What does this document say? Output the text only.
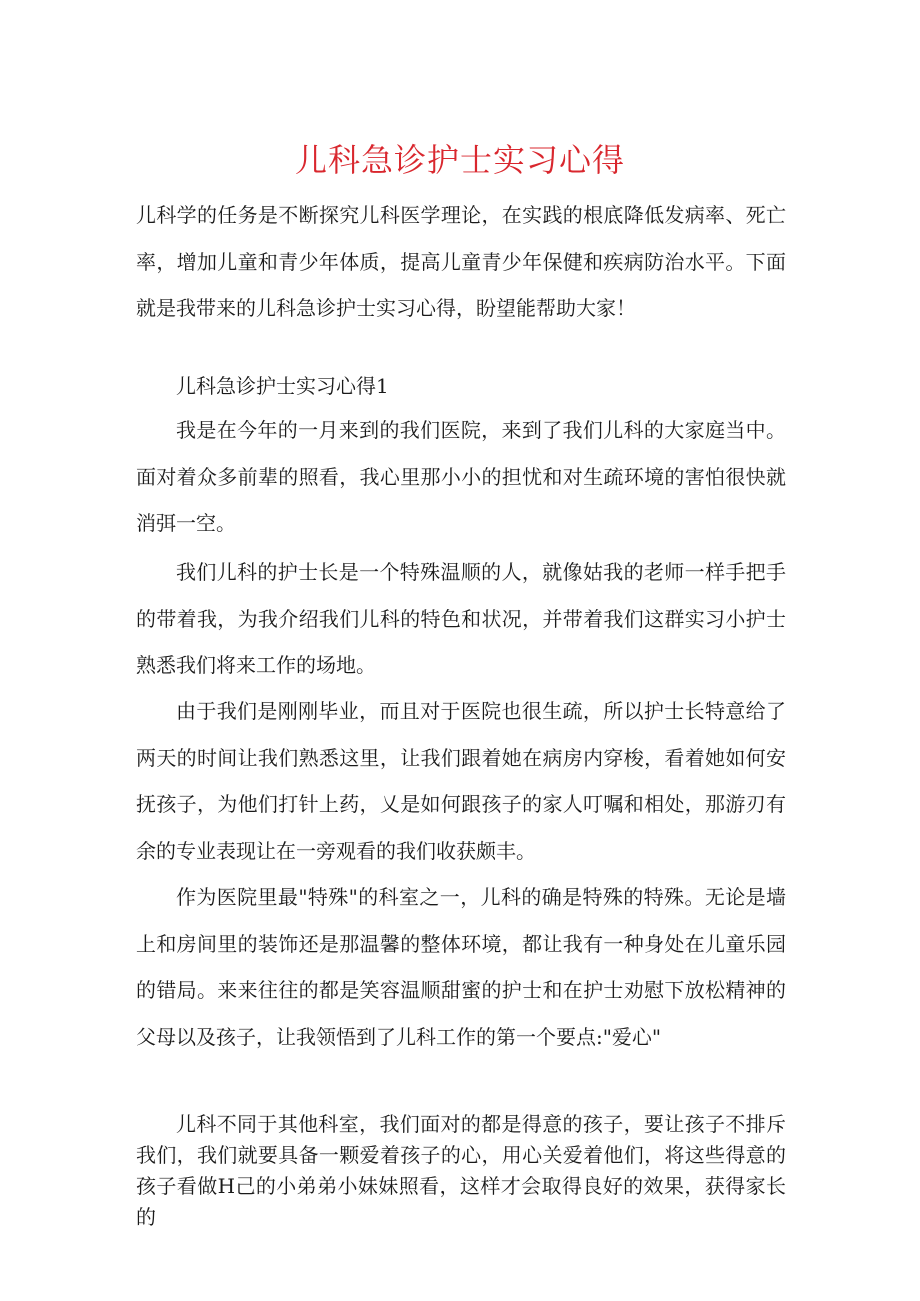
儿科急诊护士实习心得

儿科学的任务是不断探究儿科医学理论，在实践的根底降低发病率、死亡率，增加儿童和青少年体质，提高儿童青少年保健和疾病防治水平。下面就是我带来的儿科急诊护士实习心得，盼望能帮助大家！

儿科急诊护士实习心得1

我是在今年的一月来到的我们医院，来到了我们儿科的大家庭当中。面对着众多前辈的照看，我心里那小小的担忧和对生疏环境的害怕很快就消弭一空。

我们儿科的护士长是一个特殊温顺的人，就像姑我的老师一样手把手的带着我，为我介绍我们儿科的特色和状况，并带着我们这群实习小护士熟悉我们将来工作的场地。

由于我们是刚刚毕业，而且对于医院也很生疏，所以护士长特意给了两天的时间让我们熟悉这里，让我们跟着她在病房内穿梭，看着她如何安抚孩子，为他们打针上药，乂是如何跟孩子的家人叮嘱和相处，那游刃有余的专业表现让在一旁观看的我们收获颇丰。

作为医院里最"特殊"的科室之一，儿科的确是特殊的特殊。无论是墙上和房间里的装饰还是那温馨的整体环境，都让我有一种身处在儿童乐园的错局。来来往往的都是笑容温顺甜蜜的护士和在护士劝慰下放松精神的父母以及孩子，让我领悟到了儿科工作的第一个要点:"爱心"

儿科不同于其他科室，我们面对的都是得意的孩子，要让孩子不排斥我们，我们就要具备一颗爱着孩子的心，用心关爱着他们，将这些得意的孩子看做H己的小弟弟小妹妹照看，这样才会取得良好的效果，获得家长的
